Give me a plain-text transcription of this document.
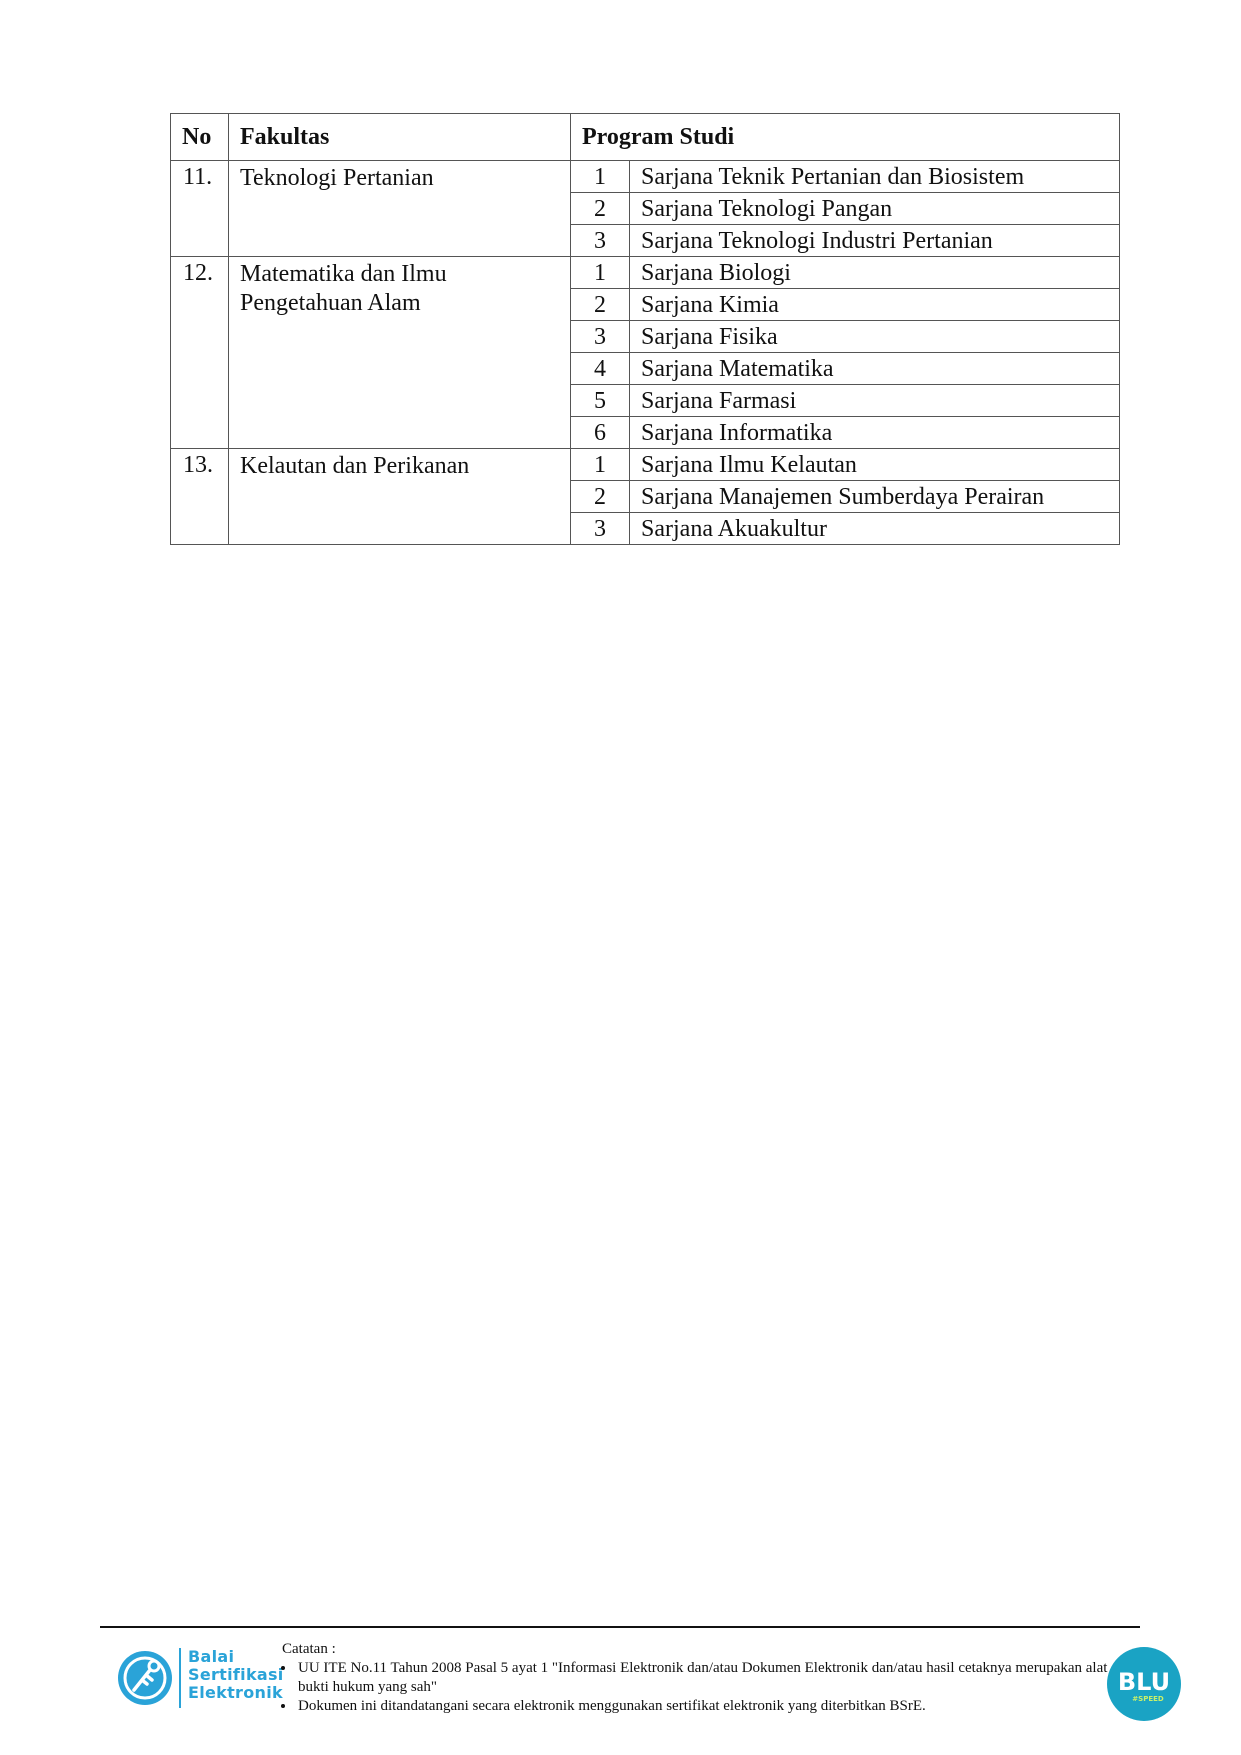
No	Fakultas	Program Studi
11.	Teknologi Pertanian		1	Sarjana Teknik Pertanian dan Biosistem
2	Sarjana Teknologi Pangan
3	Sarjana Teknologi Industri Pertanian

12.	Matematika dan Ilmu Pengetahuan Alam	
1	Sarjana Biologi
2	Sarjana Kimia
3	Sarjana Fisika
4	Sarjana Matematika
5	Sarjana Farmasi
6	Sarjana Informatika

13.	Kelautan dan Perikanan		1	Sarjana Ilmu Kelautan
2	Sarjana Manajemen Sumberdaya Perairan
3	Sarjana Akuakultur
Balai
Sertifikasi
Elektronik
Catatan :
• UU ITE No.11 Tahun 2008 Pasal 5 ayat 1 "Informasi Elektronik dan/atau Dokumen Elektronik dan/atau hasil cetaknya merupakan alat bukti hukum yang sah"
• Dokumen ini ditandatangani secara elektronik menggunakan sertifikat elektronik yang diterbitkan BSrE.
BLU
#SPEED
